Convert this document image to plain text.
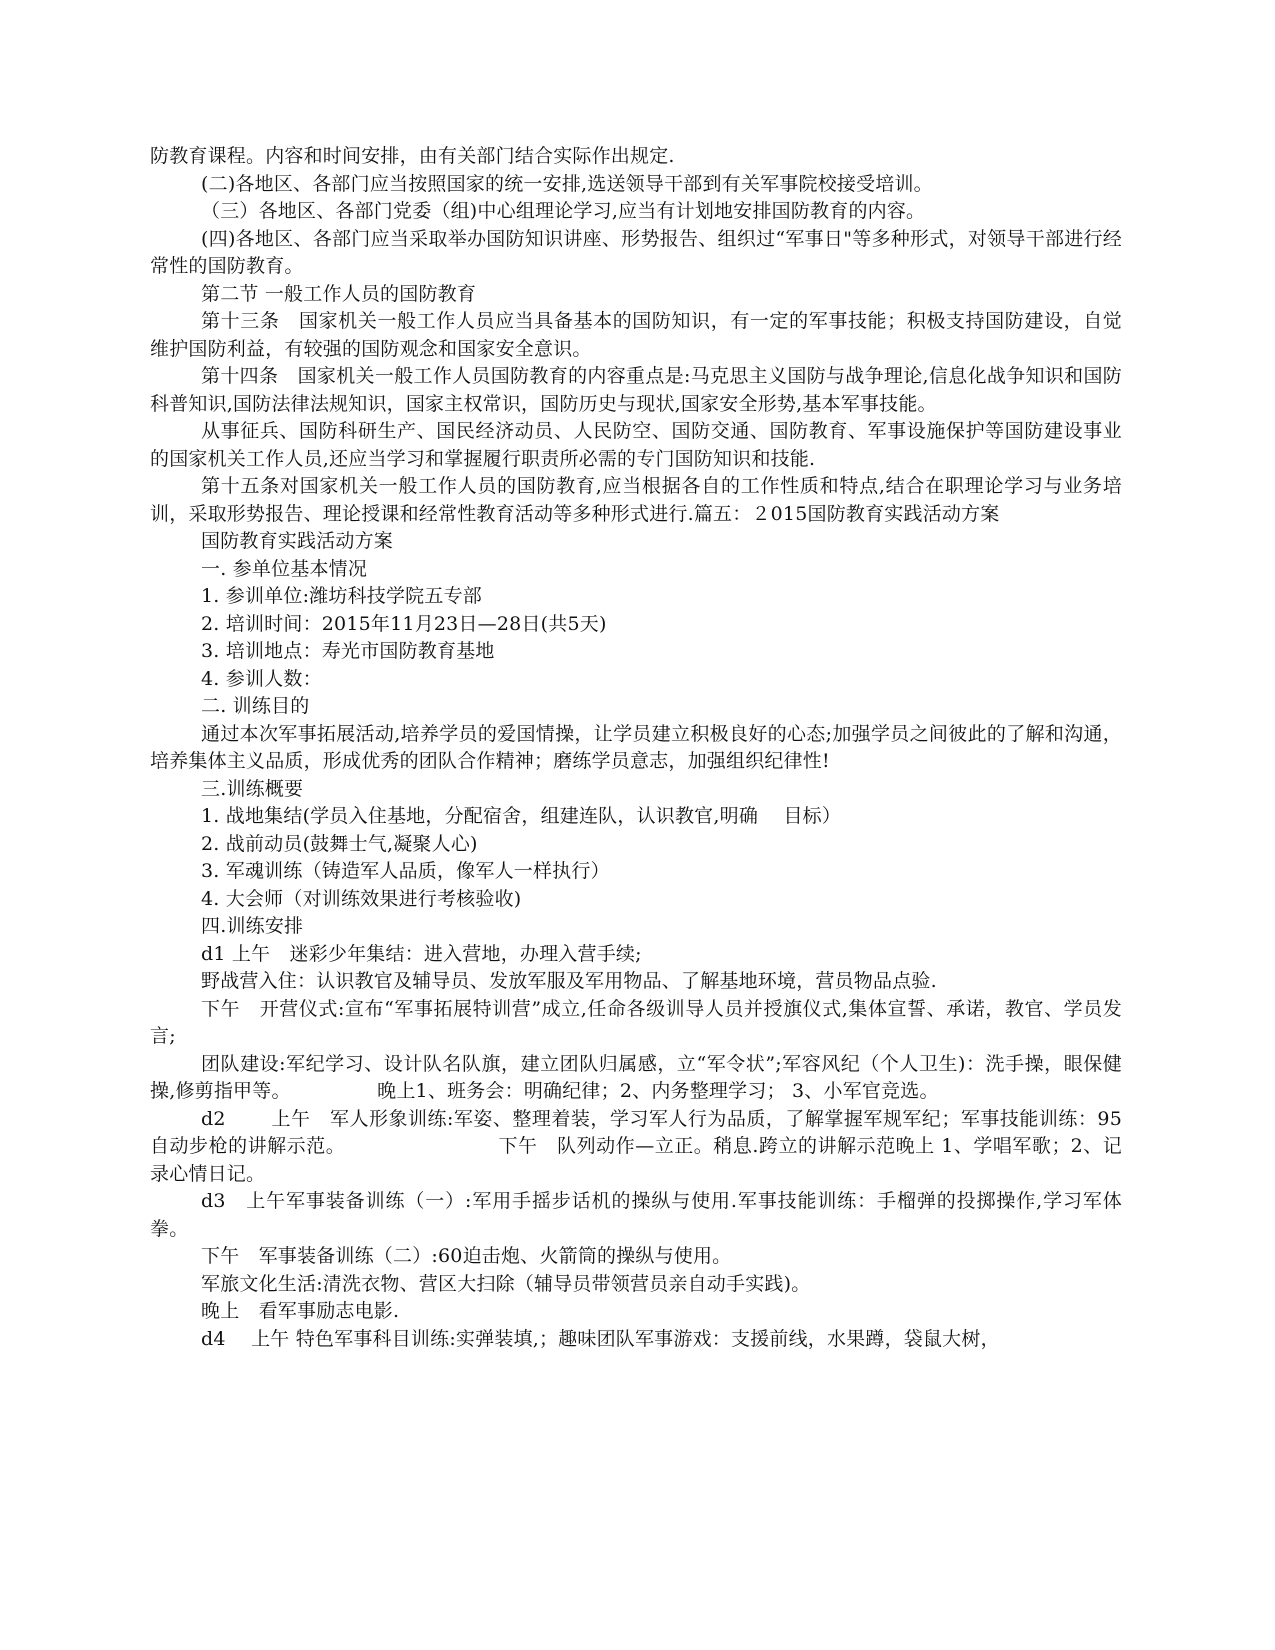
防教育课程。内容和时间安排，由有关部门结合实际作出规定.

(二)各地区、各部门应当按照国家的统一安排,选送领导干部到有关军事院校接受培训。

（三）各地区、各部门党委（组)中心组理论学习,应当有计划地安排国防教育的内容。

(四)各地区、各部门应当采取举办国防知识讲座、形势报告、组织过“军事日"等多种形式，对领导干部进行经常性的国防教育。

第二节 一般工作人员的国防教育

第十三条　国家机关一般工作人员应当具备基本的国防知识，有一定的军事技能；积极支持国防建设，自觉维护国防利益，有较强的国防观念和国家安全意识。

第十四条　国家机关一般工作人员国防教育的内容重点是:马克思主义国防与战争理论,信息化战争知识和国防科普知识,国防法律法规知识，国家主权常识，国防历史与现状,国家安全形势,基本军事技能。

从事征兵、国防科研生产、国民经济动员、人民防空、国防交通、国防教育、军事设施保护等国防建设事业的国家机关工作人员,还应当学习和掌握履行职责所必需的专门国防知识和技能.

第十五条对国家机关一般工作人员的国防教育,应当根据各自的工作性质和特点,结合在职理论学习与业务培训，采取形势报告、理论授课和经常性教育活动等多种形式进行.篇五：２015国防教育实践活动方案

国防教育实践活动方案

一. 参单位基本情况

1. 参训单位:潍坊科技学院五专部

2. 培训时间：2015年11月23日—28日(共5天)

3. 培训地点：寿光市国防教育基地

4. 参训人数：

二. 训练目的

通过本次军事拓展活动,培养学员的爱国情操，让学员建立积极良好的心态;加强学员之间彼此的了解和沟通，培养集体主义品质，形成优秀的团队合作精神；磨练学员意志，加强组织纪律性!

三.训练概要

1. 战地集结(学员入住基地，分配宿舍，组建连队，认识教官,明确　 目标）

2. 战前动员(鼓舞士气,凝聚人心)

3. 军魂训练（铸造军人品质，像军人一样执行）

4. 大会师（对训练效果进行考核验收)

四.训练安排

d1 上午　迷彩少年集结：进入营地，办理入营手续;

野战营入住：认识教官及辅导员、发放军服及军用物品、了解基地环境，营员物品点验.

下午　开营仪式:宣布“军事拓展特训营”成立,任命各级训导人员并授旗仪式,集体宣誓、承诺，教官、学员发言;

团队建设:军纪学习、设计队名队旗，建立团队归属感，立“军令状”;军容风纪（个人卫生)：洗手操，眼保健操,修剪指甲等。　　　　　晚上1、班务会：明确纪律；2、内务整理学习； 3、小军官竞选。

d2　　 上午　军人形象训练:军姿、整理着装，学习军人行为品质，了解掌握军规军纪；军事技能训练：95自动步枪的讲解示范。　　　　　　　　 下午　队列动作—立正。稍息.跨立的讲解示范晚上 1、学唱军歌；2、记录心情日记。

d3　上午军事装备训练（一）:军用手摇步话机的操纵与使用.军事技能训练：手榴弹的投掷操作,学习军体拳。

下午　军事装备训练（二）:60迫击炮、火箭筒的操纵与使用。

军旅文化生活:清洗衣物、营区大扫除（辅导员带领营员亲自动手实践)。

晚上　看军事励志电影.

d4　 上午 特色军事科目训练:实弹装填,；趣味团队军事游戏：支援前线，水果蹲，袋鼠大树，
